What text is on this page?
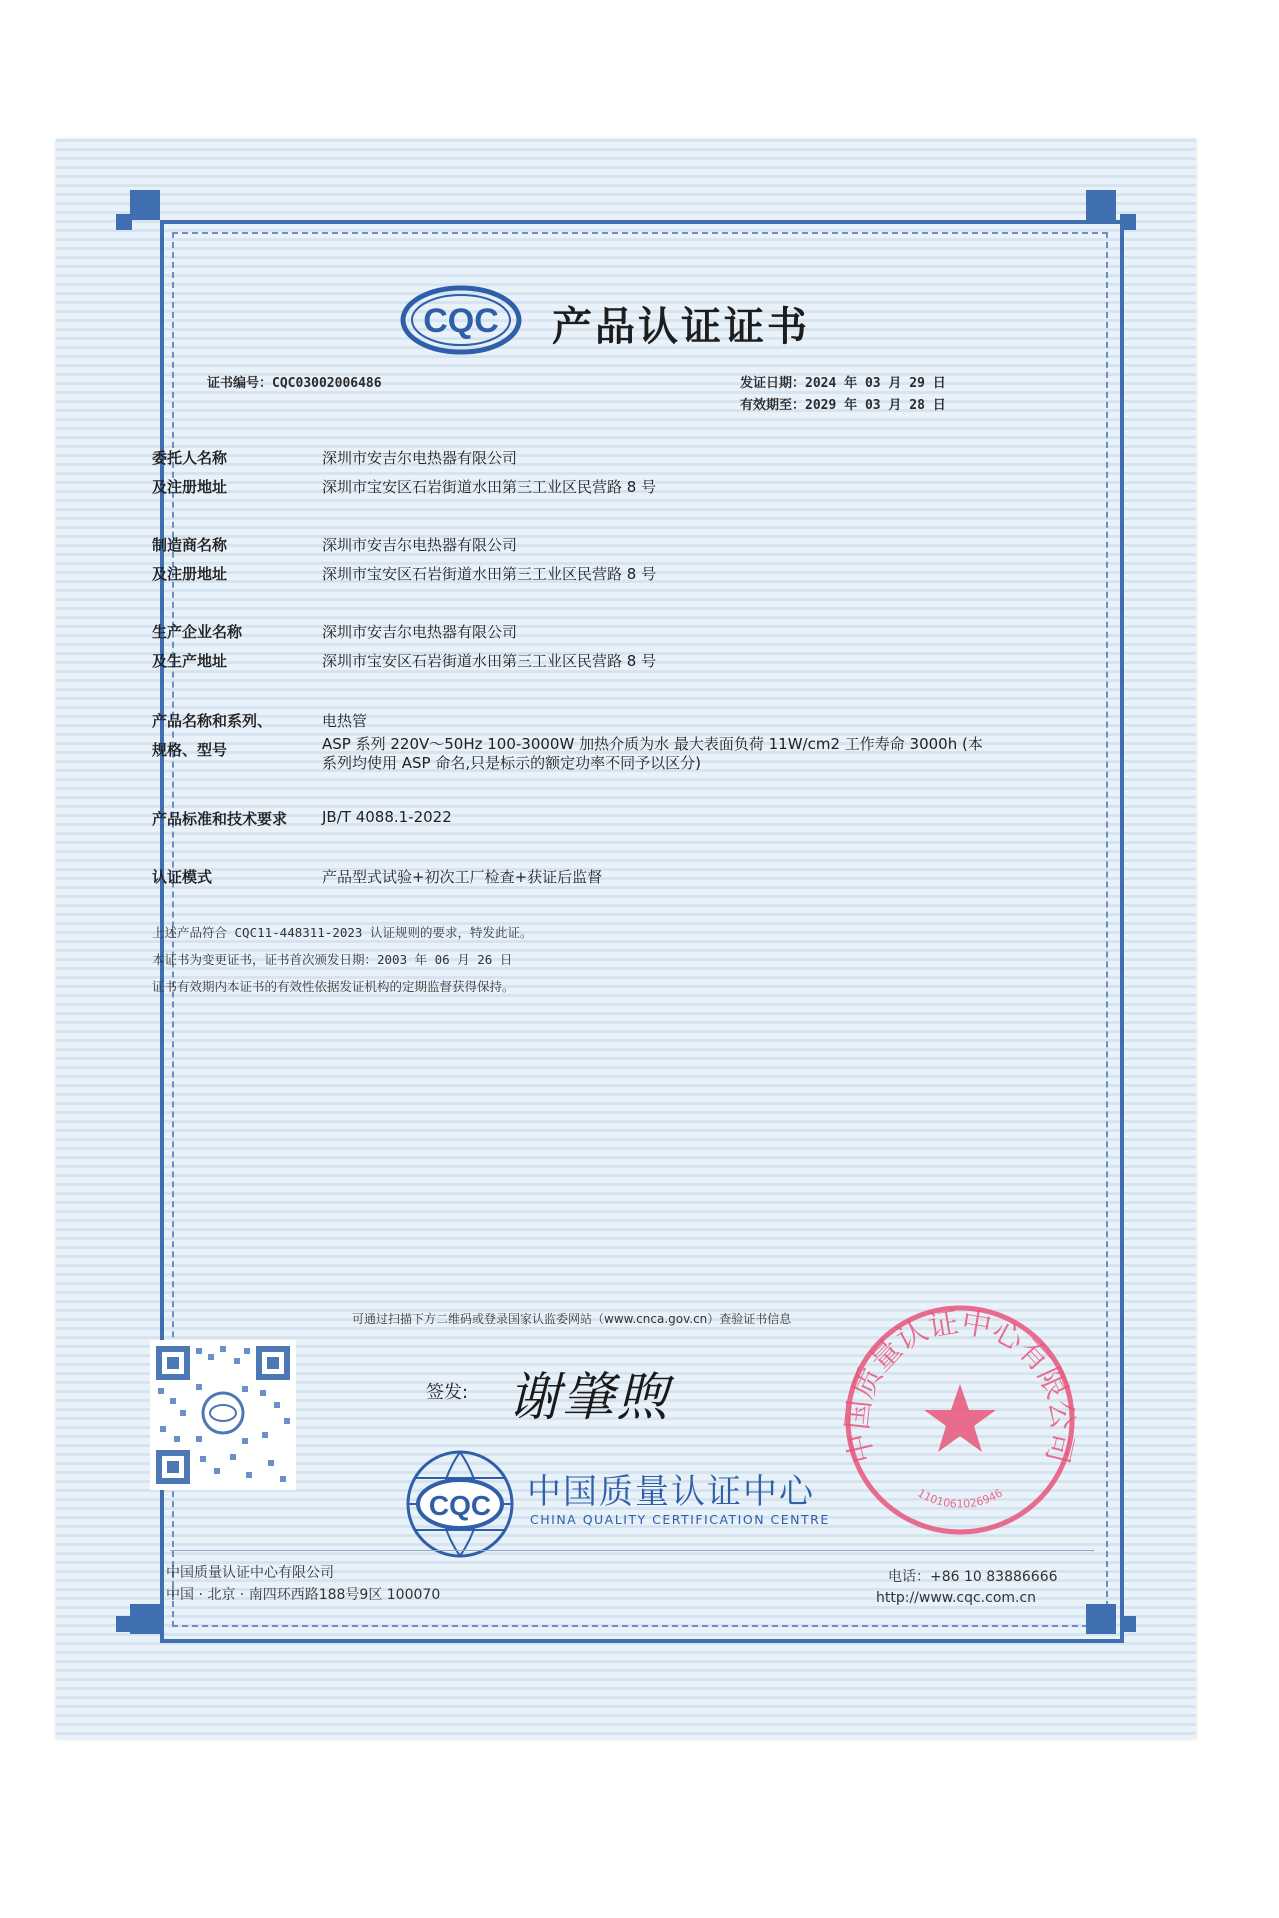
CQC 产品认证证书
证书编号：CQC03002006486	发证日期：2024 年 03 月 29 日
有效期至：2029 年 03 月 28 日
委托人名称
及注册地址
深圳市安吉尔电热器有限公司
深圳市宝安区石岩街道水田第三工业区民营路 8 号
制造商名称
及注册地址
深圳市安吉尔电热器有限公司
深圳市宝安区石岩街道水田第三工业区民营路 8 号
生产企业名称
及生产地址
深圳市安吉尔电热器有限公司
深圳市宝安区石岩街道水田第三工业区民营路 8 号
产品名称和系列、
规格、型号
电热管
ASP 系列 220V～50Hz 100-3000W 加热介质为水 最大表面负荷 11W/cm2 工作寿命 3000h (本
系列均使用 ASP 命名,只是标示的额定功率不同予以区分)
产品标准和技术要求 JB/T 4088.1-2022
认证模式	产品型式试验+初次工厂检查+获证后监督
上述产品符合 CQC11-448311-2023 认证规则的要求，特发此证。
本证书为变更证书，证书首次颁发日期：2003 年 06 月 26 日
证书有效期内本证书的有效性依据发证机构的定期监督获得保持。
可通过扫描下方二维码或登录国家认监委网站（www.cnca.gov.cn）查验证书信息
签发: 谢肇煦
CQC 中国质量认证中心
CHINA QUALITY CERTIFICATION CENTRE
中国质量认证中心有限公司
1101061026946
中国质量认证中心有限公司
中国 · 北京 · 南四环西路188号9区 100070
电话：+86 10 83886666
http://www.cqc.com.cn
